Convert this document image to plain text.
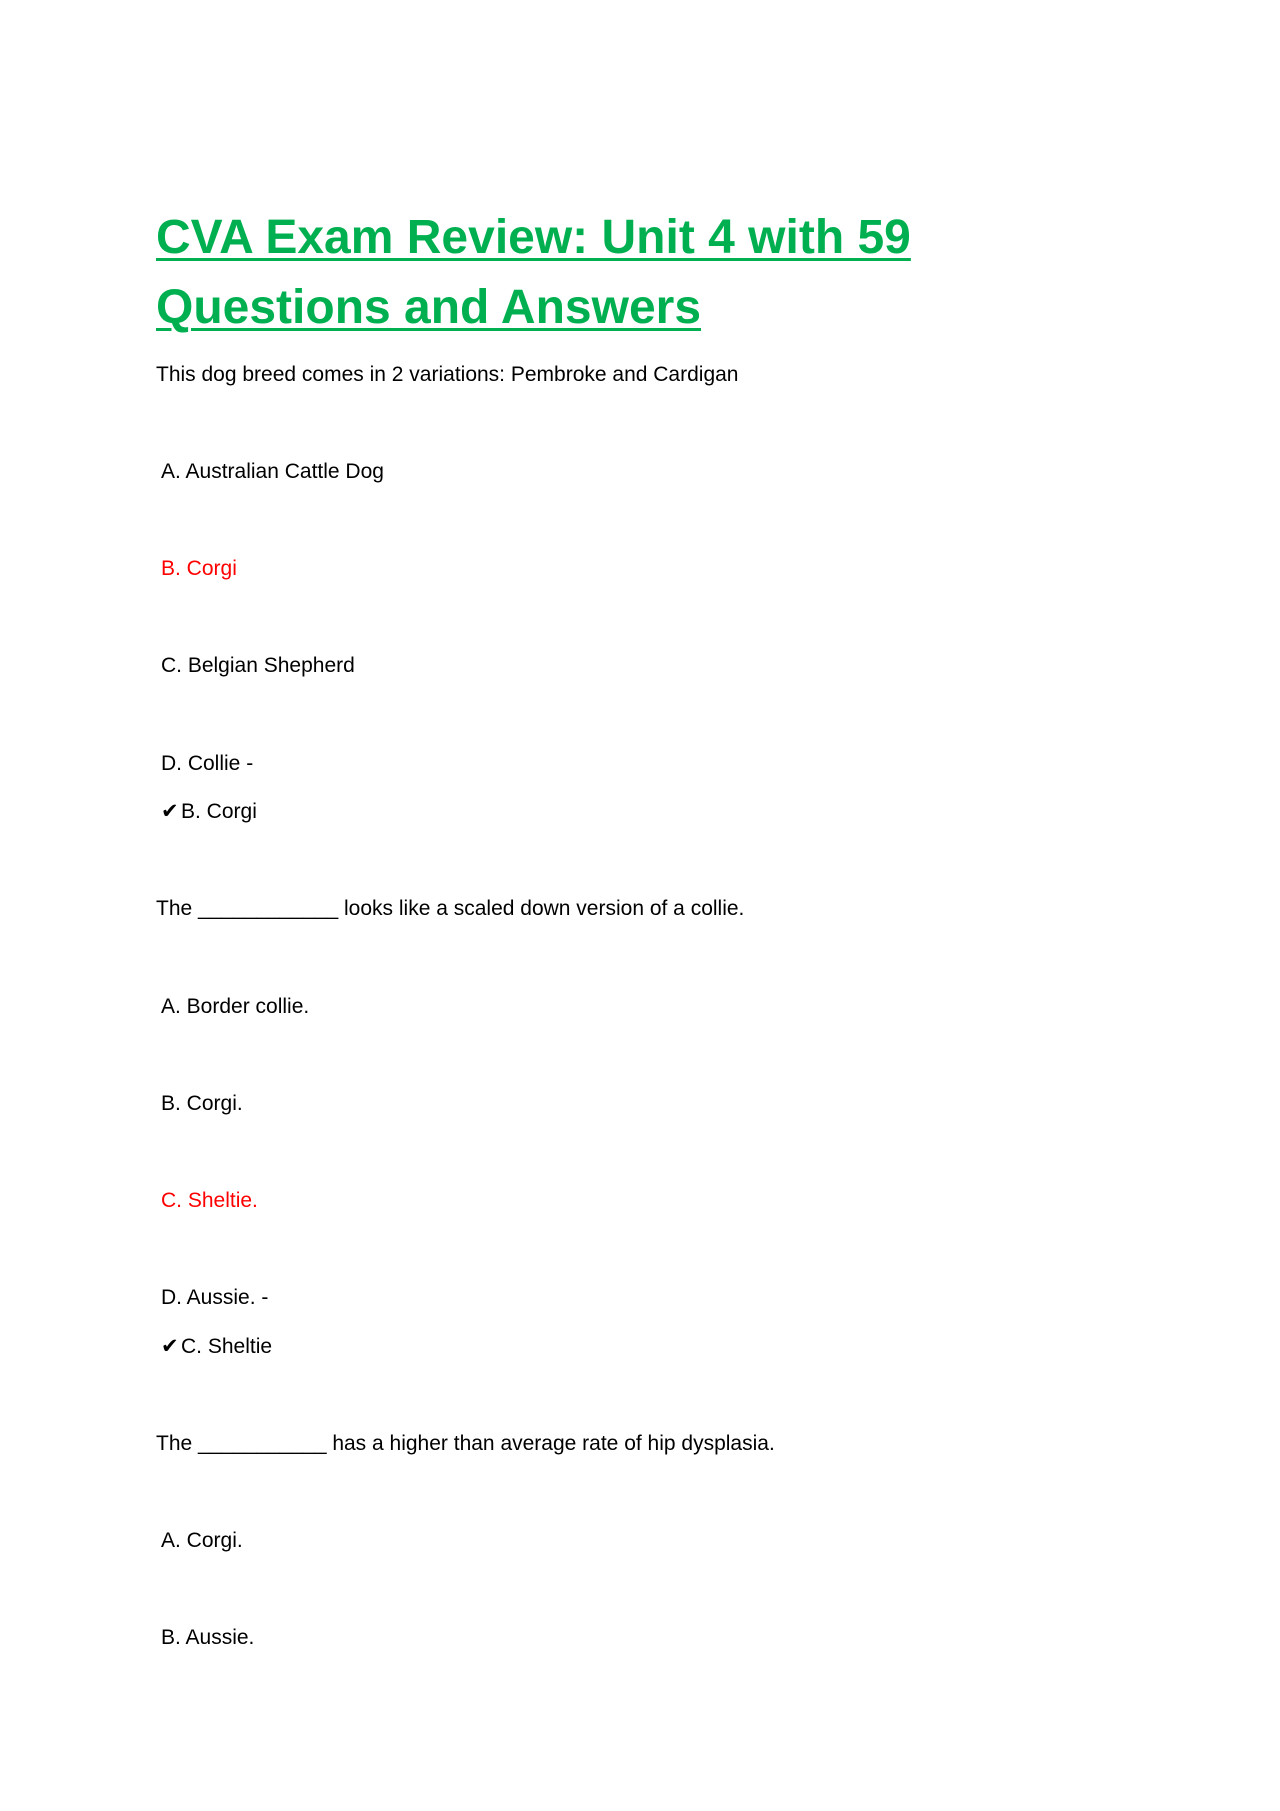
CVA Exam Review: Unit 4 with 59 Questions and Answers

This dog breed comes in 2 variations: Pembroke and Cardigan

A. Australian Cattle Dog

B. Corgi

C. Belgian Shepherd

D. Collie -

✔ B. Corgi

The ____________ looks like a scaled down version of a collie.

A. Border collie.

B. Corgi.

C. Sheltie.

D. Aussie. -

✔ C. Sheltie

The ___________ has a higher than average rate of hip dysplasia.

A. Corgi.

B. Aussie.
